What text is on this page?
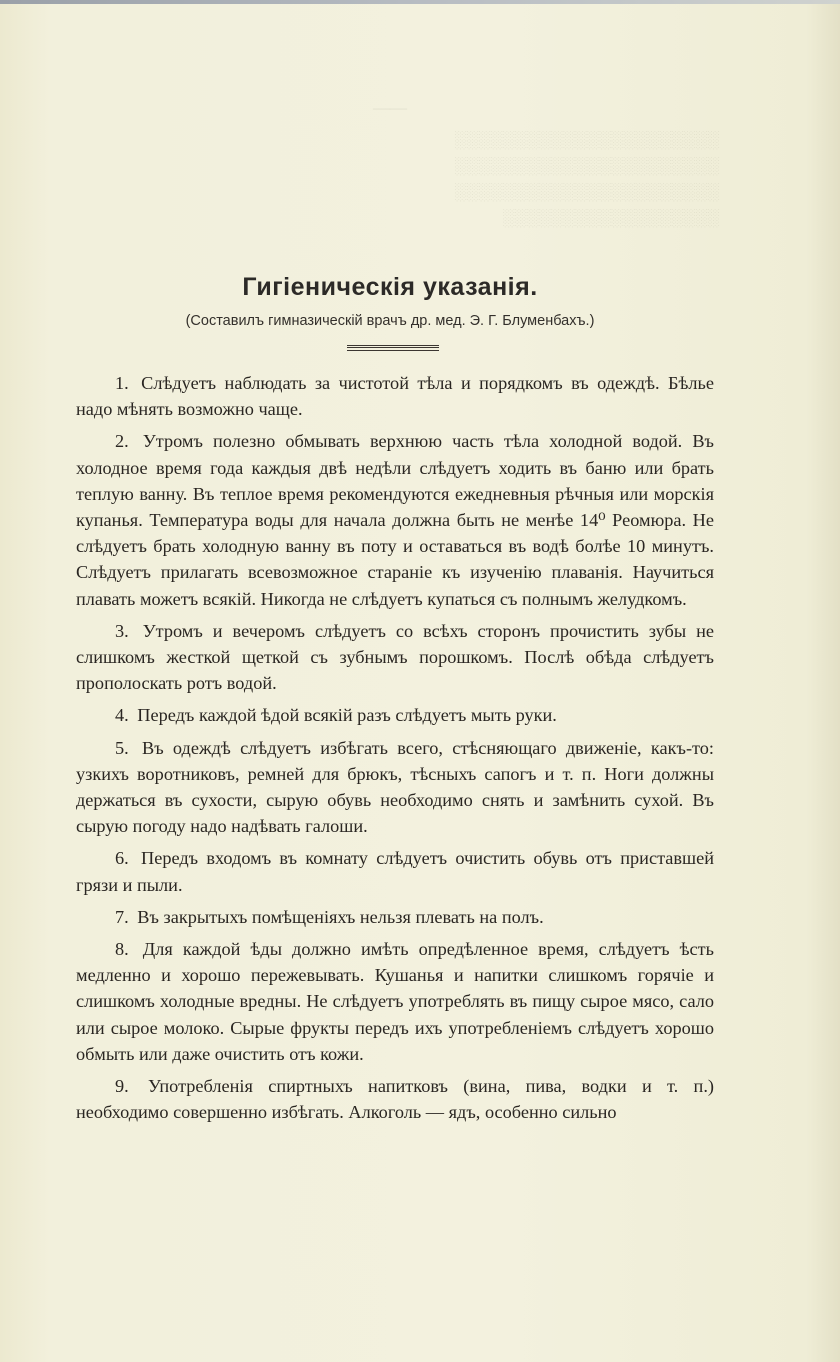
——
░░░░░░░░░░░░░░░░░░░░░░
░░░░░░░░░░░░░░░░░░░░░░
░░░░░░░░░░░░░░░░░░░░░░
░░░░░░░░░░░░░░░░░░
Гигіеническія указанія.
(Составилъ гимназическій врачъ др. мед. Э. Г. Блуменбахъ.)

1. Слѣдуетъ наблюдать за чистотой тѣла и порядкомъ въ одеждѣ. Бѣлье надо мѣнять возможно чаще.

2. Утромъ полезно обмывать верхнюю часть тѣла холодной водой. Въ холодное время года каждыя двѣ недѣли слѣдуетъ ходить въ баню или брать теплую ванну. Въ теплое время рекомендуются ежедневныя рѣчныя или морскія купанья. Температура воды для начала должна быть не менѣе 14⁰ Реомюра. Не слѣдуетъ брать холодную ванну въ поту и оставаться въ водѣ болѣе 10 минутъ. Слѣдуетъ прилагать всевозможное стараніе къ изученію плаванія. Научиться плавать можетъ всякій. Никогда не слѣдуетъ купаться съ полнымъ желудкомъ.

3. Утромъ и вечеромъ слѣдуетъ со всѣхъ сторонъ прочистить зубы не слишкомъ жесткой щеткой съ зубнымъ порошкомъ. Послѣ обѣда слѣдуетъ прополоскать ротъ водой.

4. Передъ каждой ѣдой всякій разъ слѣдуетъ мыть руки.

5. Въ одеждѣ слѣдуетъ избѣгать всего, стѣсняющаго движеніе, какъ-то: узкихъ воротниковъ, ремней для брюкъ, тѣсныхъ сапогъ и т. п. Ноги должны держаться въ сухости, сырую обувь необходимо снять и замѣнить сухой. Въ сырую погоду надо надѣвать галоши.

6. Передъ входомъ въ комнату слѣдуетъ очистить обувь отъ приставшей грязи и пыли.

7. Въ закрытыхъ помѣщеніяхъ нельзя плевать на полъ.

8. Для каждой ѣды должно имѣть опредѣленное время, слѣдуетъ ѣсть медленно и хорошо пережевывать. Кушанья и напитки слишкомъ горячіе и слишкомъ холодные вредны. Не слѣдуетъ употреблять въ пищу сырое мясо, сало или сырое молоко. Сырые фрукты передъ ихъ употребленіемъ слѣдуетъ хорошо обмыть или даже очистить отъ кожи.

9. Употребленія спиртныхъ напитковъ (вина, пива, водки и т. п.) необходимо совершенно избѣгать. Алкоголь — ядъ, особенно сильно
